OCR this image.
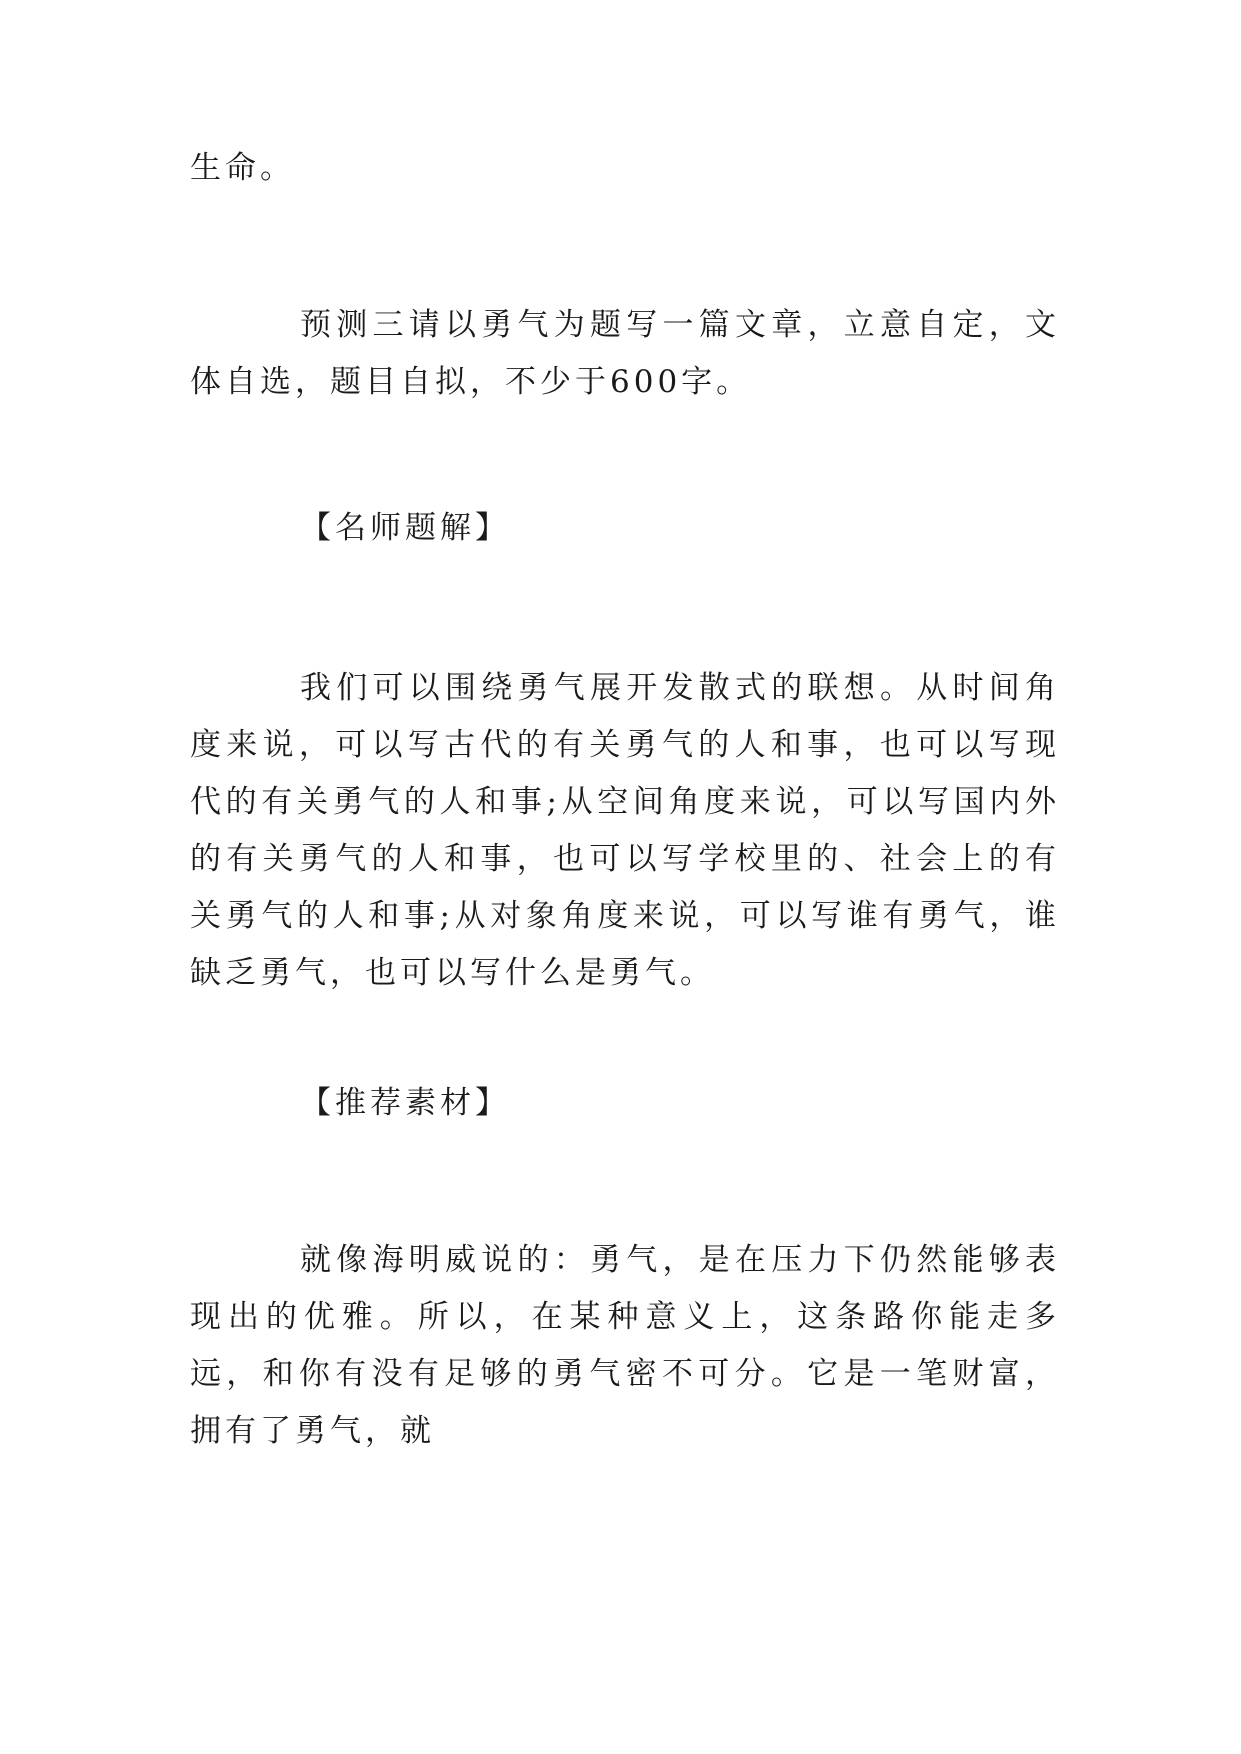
生命。

预测三请以勇气为题写一篇文章，立意自定，文体自选，题目自拟，不少于600字。

【名师题解】

我们可以围绕勇气展开发散式的联想。从时间角度来说，可以写古代的有关勇气的人和事，也可以写现代的有关勇气的人和事;从空间角度来说，可以写国内外的有关勇气的人和事，也可以写学校里的、社会上的有关勇气的人和事;从对象角度来说，可以写谁有勇气，谁缺乏勇气，也可以写什么是勇气。

【推荐素材】

就像海明威说的：勇气，是在压力下仍然能够表现出的优雅。所以，在某种意义上，这条路你能走多远，和你有没有足够的勇气密不可分。它是一笔财富，拥有了勇气，就
